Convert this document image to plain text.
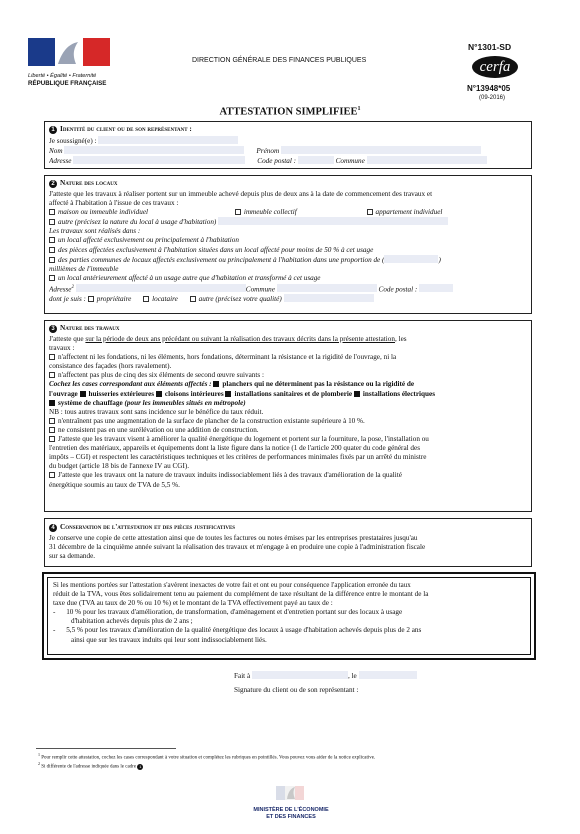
Liberté • Égalité • Fraternité
RÉPUBLIQUE FRANÇAISE
DIRECTION GÉNÉRALE DES FINANCES PUBLIQUES
N°1301-SD
cerfa
N°13948*05
(09-2016)
ATTESTATION SIMPLIFIEE$^1$
1 Identité du client ou de son représentant :
Je soussigné(e) :
Nom	Prénom
Adresse	Code postal :	Commune
2 Nature des locaux
J'atteste que les travaux à réaliser portent sur un immeuble achevé depuis plus de deux ans à la date de commencement des travaux et
affecté à l'habitation à l'issue de ces travaux :
maison ou immeuble individuel	immeuble collectif	appartement individuel
autre (précisez la nature du local à usage d'habitation)
Les travaux sont réalisés dans :
un local affecté exclusivement ou principalement à l'habitation
des pièces affectées exclusivement à l'habitation situées dans un local affecté pour moins de 50 % à cet usage
des parties communes de locaux affectés exclusivement ou principalement à l'habitation dans une proportion de (	)
millièmes de l'immeuble
un local antérieurement affecté à un usage autre que d'habitation et transformé à cet usage
Adresse$^2$	Commune	Code postal :
dont je suis : propriétaire	locataire	autre (précisez votre qualité)
3 Nature des travaux
J'atteste que sur la période de deux ans précédant ou suivant la réalisation des travaux décrits dans la présente attestation, les
travaux :
n'affectent ni les fondations, ni les éléments, hors fondations, déterminant la résistance et la rigidité de l'ouvrage, ni la
consistance des façades (hors ravalement).
n'affectent pas plus de cinq des six éléments de second œuvre suivants :
Cochez les cases correspondant aux éléments affectés : planchers qui ne déterminent pas la résistance ou la rigidité de
l'ouvrage huisseries extérieures cloisons intérieures installations sanitaires et de plomberie installations électriques
système de chauffage (pour les immeubles situés en métropole)
NB : tous autres travaux sont sans incidence sur le bénéfice du taux réduit.
n'entraînent pas une augmentation de la surface de plancher de la construction existante supérieure à 10 %.
ne consistent pas en une surélévation ou une addition de construction.
J'atteste que les travaux visent à améliorer la qualité énergétique du logement et portent sur la fourniture, la pose, l'installation ou
l'entretien des matériaux, appareils et équipements dont la liste figure dans la notice (1 de l'article 200 quater du code général des
impôts – CGI) et respectent les caractéristiques techniques et les critères de performances minimales fixés par un arrêté du ministre
du budget (article 18 bis de l'annexe IV au CGI).
J'atteste que les travaux ont la nature de travaux induits indissociablement liés à des travaux d'amélioration de la qualité
énergétique soumis au taux de TVA de 5,5 %.
4 Conservation de l'attestation et des pièces justificatives
Je conserve une copie de cette attestation ainsi que de toutes les factures ou notes émises par les entreprises prestataires jusqu'au
31 décembre de la cinquième année suivant la réalisation des travaux et m'engage à en produire une copie à l'administration fiscale
sur sa demande.
Si les mentions portées sur l'attestation s'avèrent inexactes de votre fait et ont eu pour conséquence l'application erronée du taux
réduit de la TVA, vous êtes solidairement tenu au paiement du complément de taxe résultant de la différence entre le montant de la
taxe due (TVA au taux de 20 % ou 10 %) et le montant de la TVA effectivement payé au taux de :
-      10 % pour les travaux d'amélioration, de transformation, d'aménagement et d'entretien portant sur des locaux à usage
d'habitation achevés depuis plus de 2 ans ;
-      5,5 % pour les travaux d'amélioration de la qualité énergétique des locaux à usage d'habitation achevés depuis plus de 2 ans
ainsi que sur les travaux induits qui leur sont indissociablement liés.
Fait à	, le
Signature du client ou de son représentant :
$^1$ Pour remplir cette attestation, cochez les cases correspondant à votre situation et complétez les rubriques en pointillés. Vous pouvez vous aider de la notice explicative.
$^2$ Si différente de l'adresse indiquée dans le cadre 1
MINISTÈRE DE L'ÉCONOMIE
ET DES FINANCES
